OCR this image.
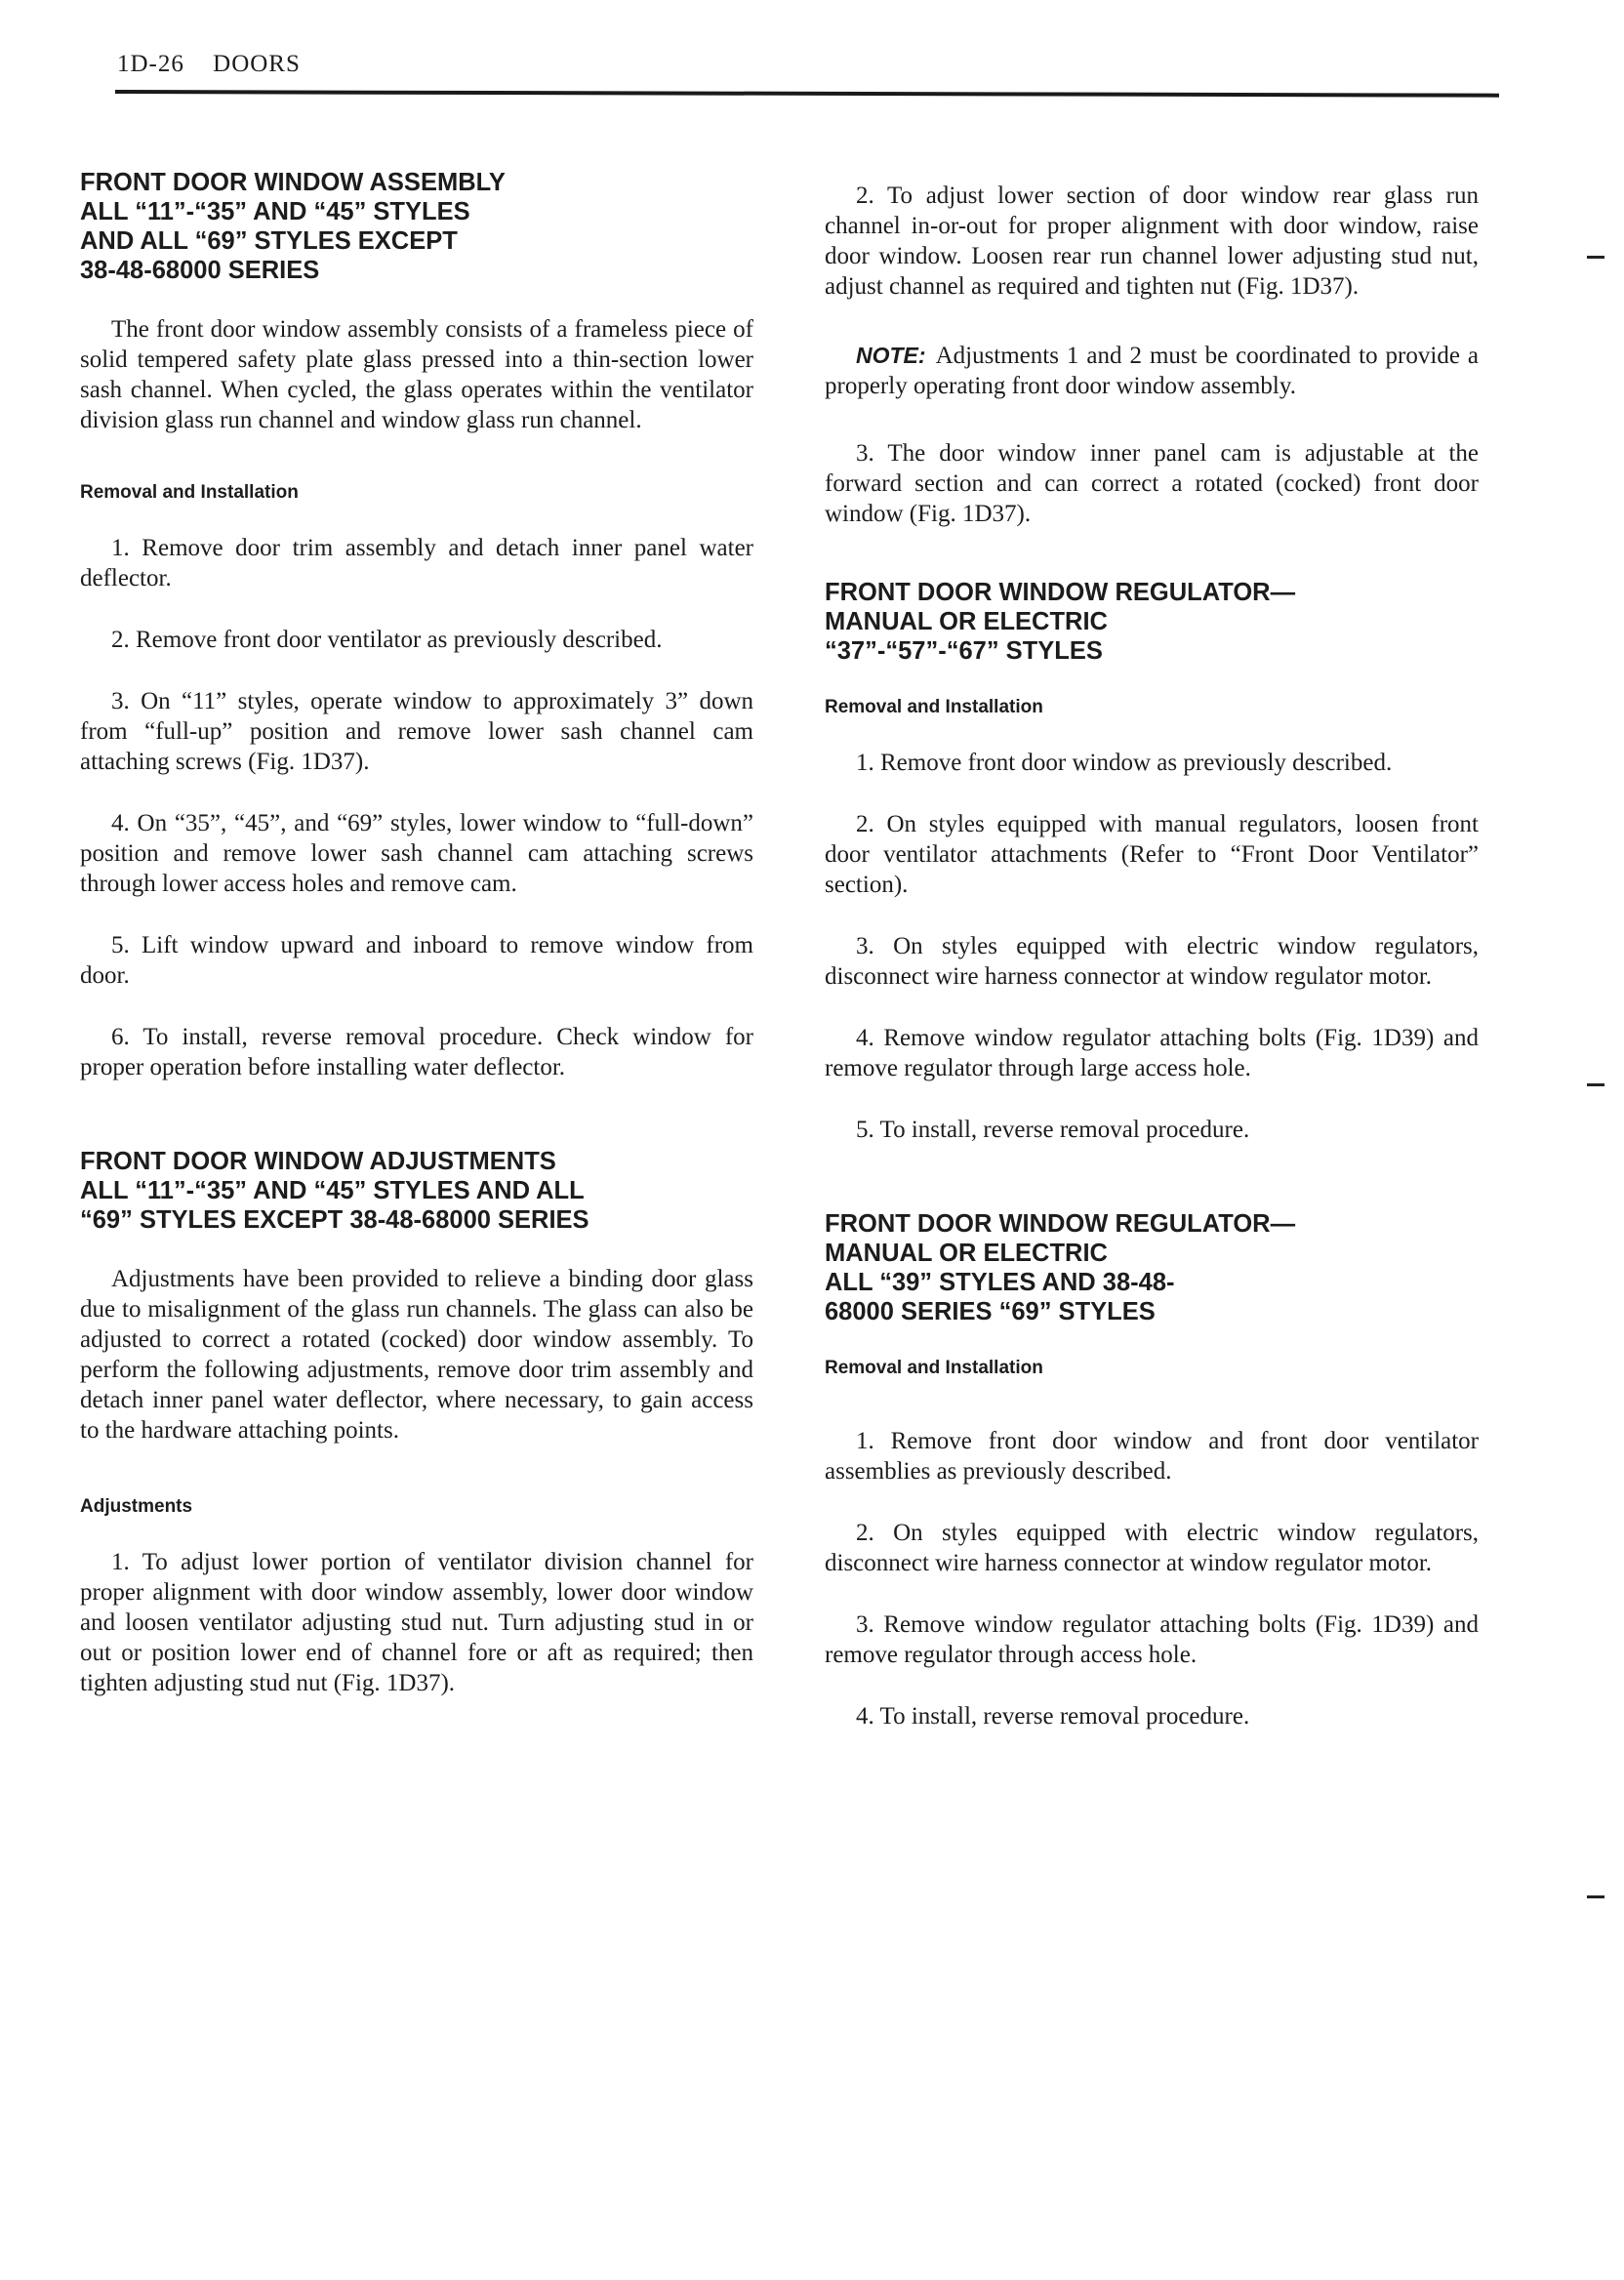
1D-26 DOORS

FRONT DOOR WINDOW ASSEMBLY

ALL “11”-“35” AND “45” STYLES

AND ALL “69” STYLES EXCEPT

38-48-68000 SERIES

The front door window assembly consists of a frameless piece of solid tempered safety plate glass pressed into a thin-section lower sash channel. When cycled, the glass operates within the ventilator division glass run channel and window glass run channel.

Removal and Installation

1. Remove door trim assembly and detach inner panel water deflector.

2. Remove front door ventilator as previously described.

3. On “11” styles, operate window to approximately 3” down from “full-up” position and remove lower sash channel cam attaching screws (Fig. 1D37).

4. On “35”, “45”, and “69” styles, lower window to “full-down” position and remove lower sash channel cam attaching screws through lower access holes and remove cam.

5. Lift window upward and inboard to remove window from door.

6. To install, reverse removal procedure. Check window for proper operation before installing water deflector.

FRONT DOOR WINDOW ADJUSTMENTS

ALL “11”-“35” AND “45” STYLES AND ALL

“69” STYLES EXCEPT 38-48-68000 SERIES

Adjustments have been provided to relieve a binding door glass due to misalignment of the glass run channels. The glass can also be adjusted to correct a rotated (cocked) door window assembly. To perform the following adjustments, remove door trim assembly and detach inner panel water deflector, where necessary, to gain access to the hardware attaching points.

Adjustments

1. To adjust lower portion of ventilator division channel for proper alignment with door window assembly, lower door window and loosen ventilator adjusting stud nut. Turn adjusting stud in or out or position lower end of channel fore or aft as required; then tighten adjusting stud nut (Fig. 1D37).

2. To adjust lower section of door window rear glass run channel in-or-out for proper alignment with door window, raise door window. Loosen rear run channel lower adjusting stud nut, adjust channel as required and tighten nut (Fig. 1D37).

NOTE: Adjustments 1 and 2 must be coordinated to provide a properly operating front door window assembly.

3. The door window inner panel cam is adjustable at the forward section and can correct a rotated (cocked) front door window (Fig. 1D37).

FRONT DOOR WINDOW REGULATOR—

MANUAL OR ELECTRIC

“37”-“57”-“67” STYLES

Removal and Installation

1. Remove front door window as previously described.

2. On styles equipped with manual regulators, loosen front door ventilator attachments (Refer to “Front Door Ventilator” section).

3. On styles equipped with electric window regulators, disconnect wire harness connector at window regulator motor.

4. Remove window regulator attaching bolts (Fig. 1D39) and remove regulator through large access hole.

5. To install, reverse removal procedure.

FRONT DOOR WINDOW REGULATOR—

MANUAL OR ELECTRIC

ALL “39” STYLES AND 38-48-

68000 SERIES “69” STYLES

Removal and Installation

1. Remove front door window and front door ventilator assemblies as previously described.

2. On styles equipped with electric window regulators, disconnect wire harness connector at window regulator motor.

3. Remove window regulator attaching bolts (Fig. 1D39) and remove regulator through access hole.

4. To install, reverse removal procedure.
